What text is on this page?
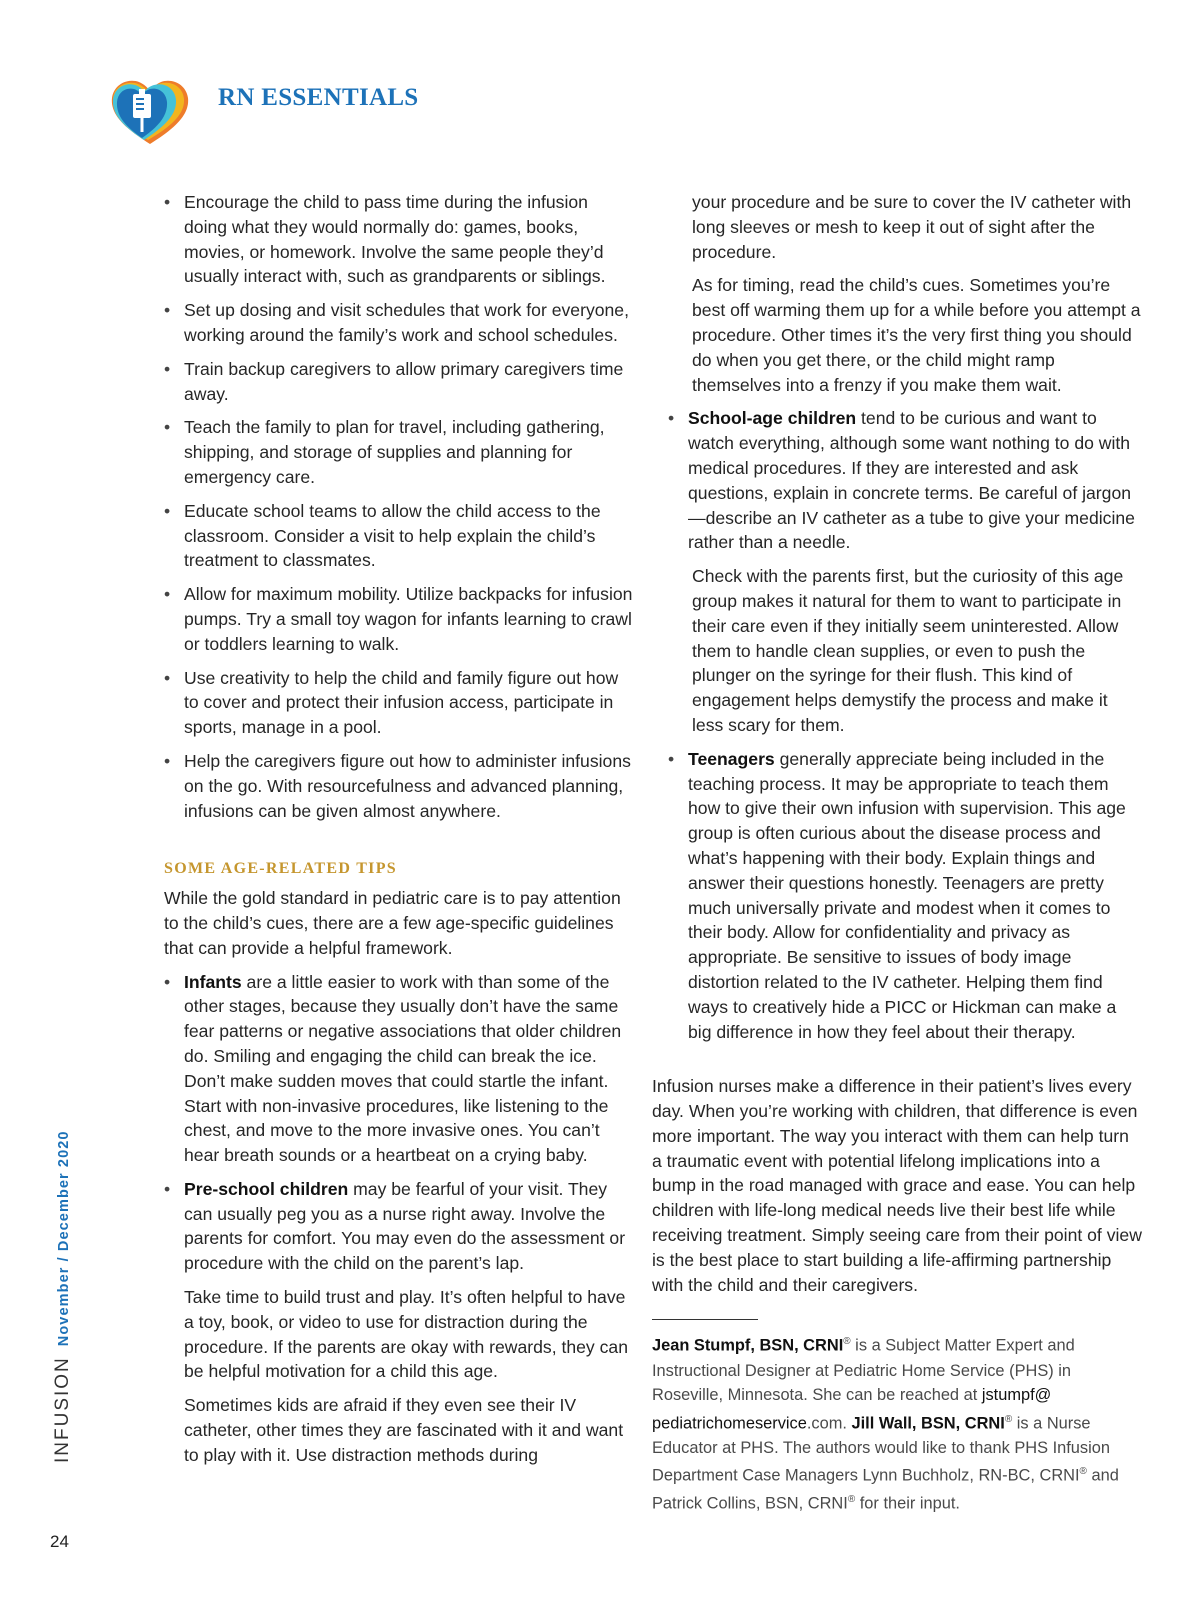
RN ESSENTIALS
• Encourage the child to pass time during the infusion doing what they would normally do: games, books, movies, or homework. Involve the same people they’d usually interact with, such as grandparents or siblings.
• Set up dosing and visit schedules that work for everyone, working around the family’s work and school schedules.
• Train backup caregivers to allow primary caregivers time away.
• Teach the family to plan for travel, including gathering, shipping, and storage of supplies and planning for emergency care.
• Educate school teams to allow the child access to the classroom. Consider a visit to help explain the child’s treatment to classmates.
• Allow for maximum mobility. Utilize backpacks for infusion pumps. Try a small toy wagon for infants learning to crawl or toddlers learning to walk.
• Use creativity to help the child and family figure out how to cover and protect their infusion access, participate in sports, manage in a pool.
• Help the caregivers figure out how to administer infusions on the go. With resourcefulness and advanced planning, infusions can be given almost anywhere.
SOME AGE-RELATED TIPS

While the gold standard in pediatric care is to pay attention to the child’s cues, there are a few age-specific guidelines that can provide a helpful framework.

• Infants are a little easier to work with than some of the other stages, because they usually don’t have the same fear patterns or negative associations that older children do. Smiling and engaging the child can break the ice. Don’t make sudden moves that could startle the infant. Start with non-invasive procedures, like listening to the chest, and move to the more invasive ones. You can’t hear breath sounds or a heartbeat on a crying baby.
• Pre-school children may be fearful of your visit. They can usually peg you as a nurse right away. Involve the parents for comfort. You may even do the assessment or procedure with the child on the parent’s lap.

Take time to build trust and play. It’s often helpful to have a toy, book, or video to use for distraction during the procedure. If the parents are okay with rewards, they can be helpful motivation for a child this age.

Sometimes kids are afraid if they even see their IV catheter, other times they are fascinated with it and want to play with it. Use distraction methods during

your procedure and be sure to cover the IV catheter with long sleeves or mesh to keep it out of sight after the procedure.

As for timing, read the child’s cues. Sometimes you’re best off warming them up for a while before you attempt a procedure. Other times it’s the very first thing you should do when you get there, or the child might ramp themselves into a frenzy if you make them wait.

• School-age children tend to be curious and want to watch everything, although some want nothing to do with medical procedures. If they are interested and ask questions, explain in concrete terms. Be careful of jargon—describe an IV catheter as a tube to give your medicine rather than a needle.

Check with the parents first, but the curiosity of this age group makes it natural for them to want to participate in their care even if they initially seem uninterested. Allow them to handle clean supplies, or even to push the plunger on the syringe for their flush. This kind of engagement helps demystify the process and make it less scary for them.

• Teenagers generally appreciate being included in the teaching process. It may be appropriate to teach them how to give their own infusion with supervision. This age group is often curious about the disease process and what’s happening with their body. Explain things and answer their questions honestly. Teenagers are pretty much universally private and modest when it comes to their body. Allow for confidentiality and privacy as appropriate. Be sensitive to issues of body image distortion related to the IV catheter. Helping them find ways to creatively hide a PICC or Hickman can make a big difference in how they feel about their therapy.

Infusion nurses make a difference in their patient’s lives every day. When you’re working with children, that difference is even more important. The way you interact with them can help turn a traumatic event with potential lifelong implications into a bump in the road managed with grace and ease. You can help children with life-long medical needs live their best life while receiving treatment. Simply seeing care from their point of view is the best place to start building a life-affirming partnership with the child and their caregivers.

Jean Stumpf, BSN, CRNI® is a Subject Matter Expert and Instructional Designer at Pediatric Home Service (PHS) in Roseville, Minnesota. She can be reached at jstumpf@
pediatrichomeservice.com. Jill Wall, BSN, CRNI® is a Nurse Educator at PHS. The authors would like to thank PHS Infusion Department Case Managers Lynn Buchholz, RN-BC, CRNI® and Patrick Collins, BSN, CRNI® for their input.

INFUSIONNovember / December 2020
24
